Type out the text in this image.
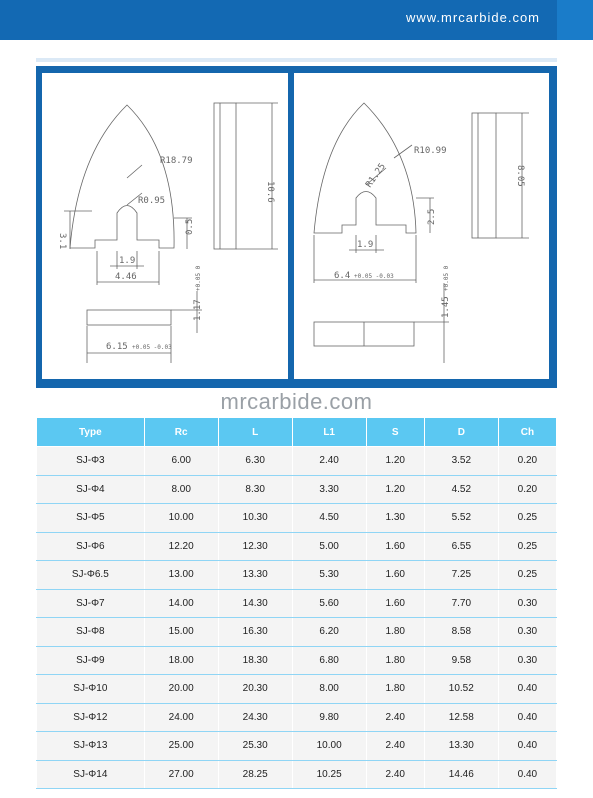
www.mrcarbide.com
R18.79
R0.95	10.6
3.1
0.5
1.9
4.46
1.17
+0.05 0
6.15 +0.05 -0.03
R10.99
R1.25	8.05
2.5
1.9
6.4 +0.05 -0.03
1.45
+0.05 0
mrcarbide.com
Type	Rc	L	L1	S	D	Ch
SJ-Φ3	6.00	6.30	2.40	1.20	3.52	0.20
SJ-Φ4	8.00	8.30	3.30	1.20	4.52	0.20
SJ-Φ5	10.00	10.30	4.50	1.30	5.52	0.25
SJ-Φ6	12.20	12.30	5.00	1.60	6.55	0.25
SJ-Φ6.5	13.00	13.30	5.30	1.60	7.25	0.25
SJ-Φ7	14.00	14.30	5.60	1.60	7.70	0.30
SJ-Φ8	15.00	16.30	6.20	1.80	8.58	0.30
SJ-Φ9	18.00	18.30	6.80	1.80	9.58	0.30
SJ-Φ10	20.00	20.30	8.00	1.80	10.52	0.40
SJ-Φ12	24.00	24.30	9.80	2.40	12.58	0.40
SJ-Φ13	25.00	25.30	10.00	2.40	13.30	0.40
SJ-Φ14	27.00	28.25	10.25	2.40	14.46	0.40
